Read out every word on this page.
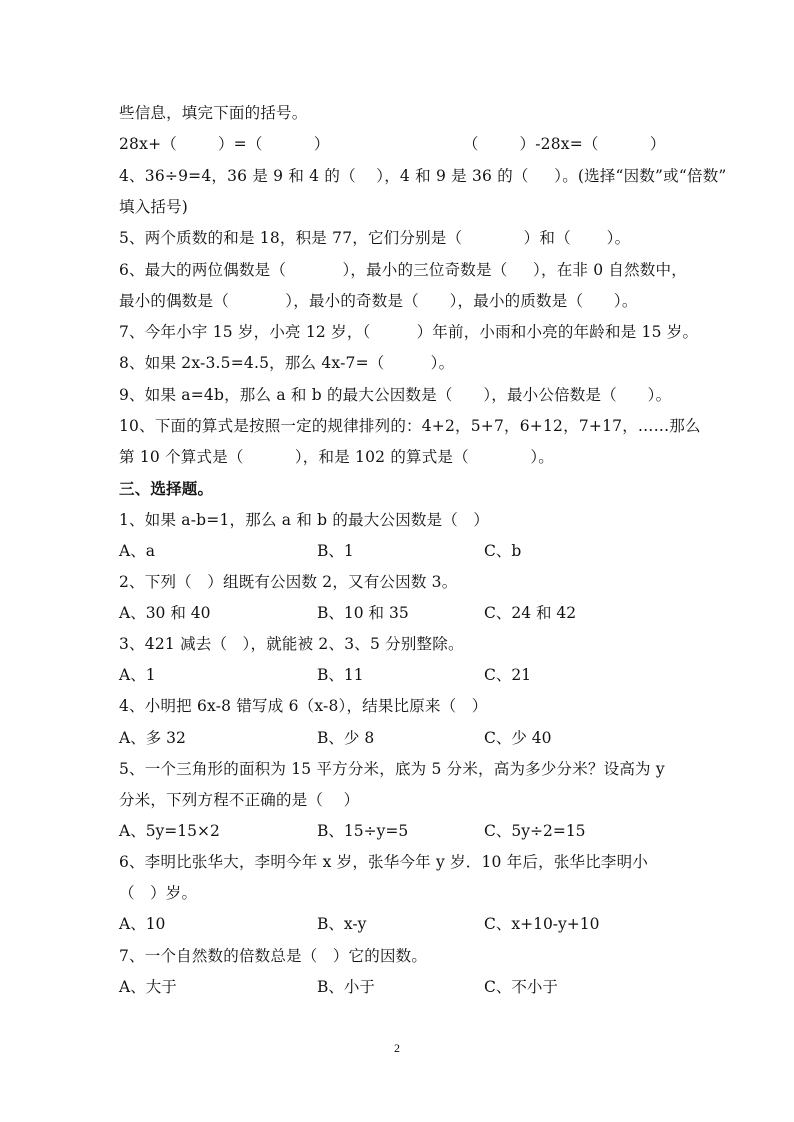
些信息，填完下面的括号。
28x+（        ）=（          ）                          （        ）-28x=（          ）
4、36÷9=4，36 是 9 和 4 的（    ），4 和 9 是 36 的（     ）。(选择“因数”或“倍数”
填入括号)
5、两个质数的和是 18，积是 77，它们分别是（            ）和（       ）。
6、最大的两位偶数是（           ），最小的三位奇数是（     ），在非 0 自然数中，
最小的偶数是（           ），最小的奇数是（      ），最小的质数是（      ）。
7、今年小宇 15 岁，小亮 12 岁，（         ）年前，小雨和小亮的年龄和是 15 岁。
8、如果 2x-3.5=4.5，那么 4x-7=（         ）。
9、如果 a=4b，那么 a 和 b 的最大公因数是（      ），最小公倍数是（      ）。
10、下面的算式是按照一定的规律排列的：4+2，5+7，6+12，7+17，……那么
第 10 个算式是（          ），和是 102 的算式是（            ）。
三、选择题。
1、如果 a-b=1，那么 a 和 b 的最大公因数是（   ）
A、a	B、1	C、b
2、下列（   ）组既有公因数 2，又有公因数 3。
A、30 和 40	B、10 和 35	C、24 和 42
3、421 减去（   ），就能被 2、3、5 分别整除。
A、1	B、11	C、21
4、小明把 6x-8 错写成 6（x-8），结果比原来（   ）
A、多 32	B、少 8	C、少 40
5、一个三角形的面积为 15 平方分米，底为 5 分米，高为多少分米？设高为 y
分米，下列方程不正确的是（    ）
A、5y=15×2	B、15÷y=5	C、5y÷2=15
6、李明比张华大，李明今年 x 岁，张华今年 y 岁．10 年后，张华比李明小
（   ）岁。
A、10	B、x-y	C、x+10-y+10
7、一个自然数的倍数总是（   ）它的因数。
A、大于	B、小于	C、不小于
2
